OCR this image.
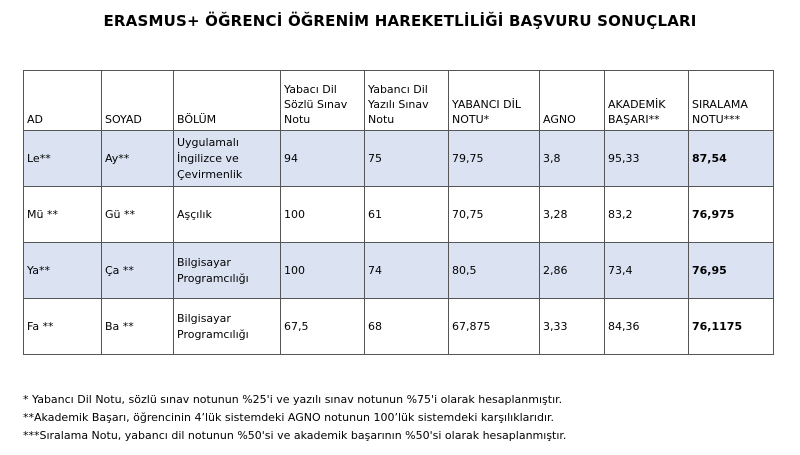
ERASMUS+ ÖĞRENCİ ÖĞRENİM HAREKETLİLİĞİ BAŞVURU SONUÇLARI
AD	SOYAD	BÖLÜM	Yabacı Dil Sözlü Sınav Notu	Yabancı Dil Yazılı Sınav Notu	YABANCI DİL NOTU*	AGNO	AKADEMİK BAŞARI**	SIRALAMA NOTU***
Le**	Ay**	Uygulamalı İngilizce ve Çevirmenlik	94	75	79,75	3,8	95,33	87,54
Mü **	Gü **	Aşçılık	100	61	70,75	3,28	83,2	76,975
Ya**	Ça **	Bilgisayar Programcılığı	100	74	80,5	2,86	73,4	76,95
Fa **	Ba **	Bilgisayar Programcılığı	67,5	68	67,875	3,33	84,36	76,1175
* Yabancı Dil Notu, sözlü sınav notunun %25'i ve yazılı sınav notunun %75'i olarak hesaplanmıştır.
**Akademik Başarı, öğrencinin 4’lük sistemdeki AGNO notunun 100’lük sistemdeki karşılıklarıdır.
***Sıralama Notu, yabancı dil notunun %50'si ve akademik başarının %50'si olarak hesaplanmıştır.
